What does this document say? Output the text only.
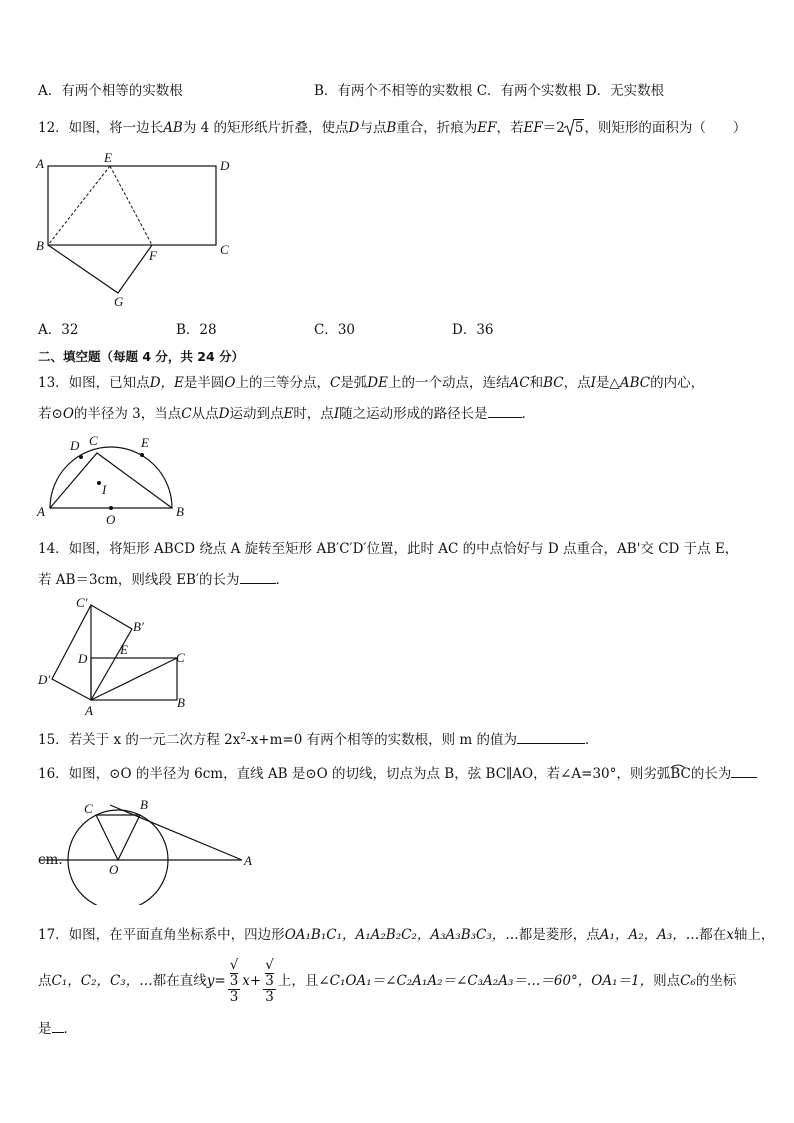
A．有两个相等的实数根	B．有两个不相等的实数根 C．有两个实数根 D．无实数根
12．如图，将一边长AB为 4 的矩形纸片折叠，使点D与点B重合，折痕为EF，若EF＝2 5，则矩形的面积为（　　）
A	E
D
B
F	C
G
A．32	B．28	C．30	D．36
二、填空题（每题 4 分，共 24 分）
13．如图，已知点D，E是半圆O上的三等分点，C是弧DE上的一个动点，连结AC和BC，点I是△ABC的内心，
若⊙O的半径为 3，当点C从点D运动到点E时，点I随之运动形成的路径长是	．
D C	E
I
A
O
B
14．如图，将矩形 ABCD 绕点 A 旋转至矩形 AB′C′D′位置，此时 AC 的中点恰好与 D 点重合，AB'交 CD 于点 E，
若 AB＝3cm，则线段 EB′的长为	．
C′
B′
D
E
C
D′
B
A
15．若关于 x 的一元二次方程 $2x^2-x+m=0$ 有两个相等的实数根，则 m 的值为	．
16．如图，⊙O 的半径为 6cm，直线 AB 是⊙O 的切线，切点为点 B，弦 BC∥AO，若∠A=30°，则劣弧
BC的长为
C	B
O
A
cm.
17．如图，在平面直角坐标系中，四边形OA₁B₁C₁，A₁A₂B₂C₂，A₃A₃B₃C₃，…都是菱形，点A₁，A₂，A₃，…都在x轴上，
点C₁，C₂，C₃，…都在直线y= √
3
3 x+ √
3
3 上，且∠C₁OA₁＝∠C₂A₁A₂＝∠C₃A₂A₃＝…＝60°，OA₁＝1，则点C₆的坐标
是 ．
